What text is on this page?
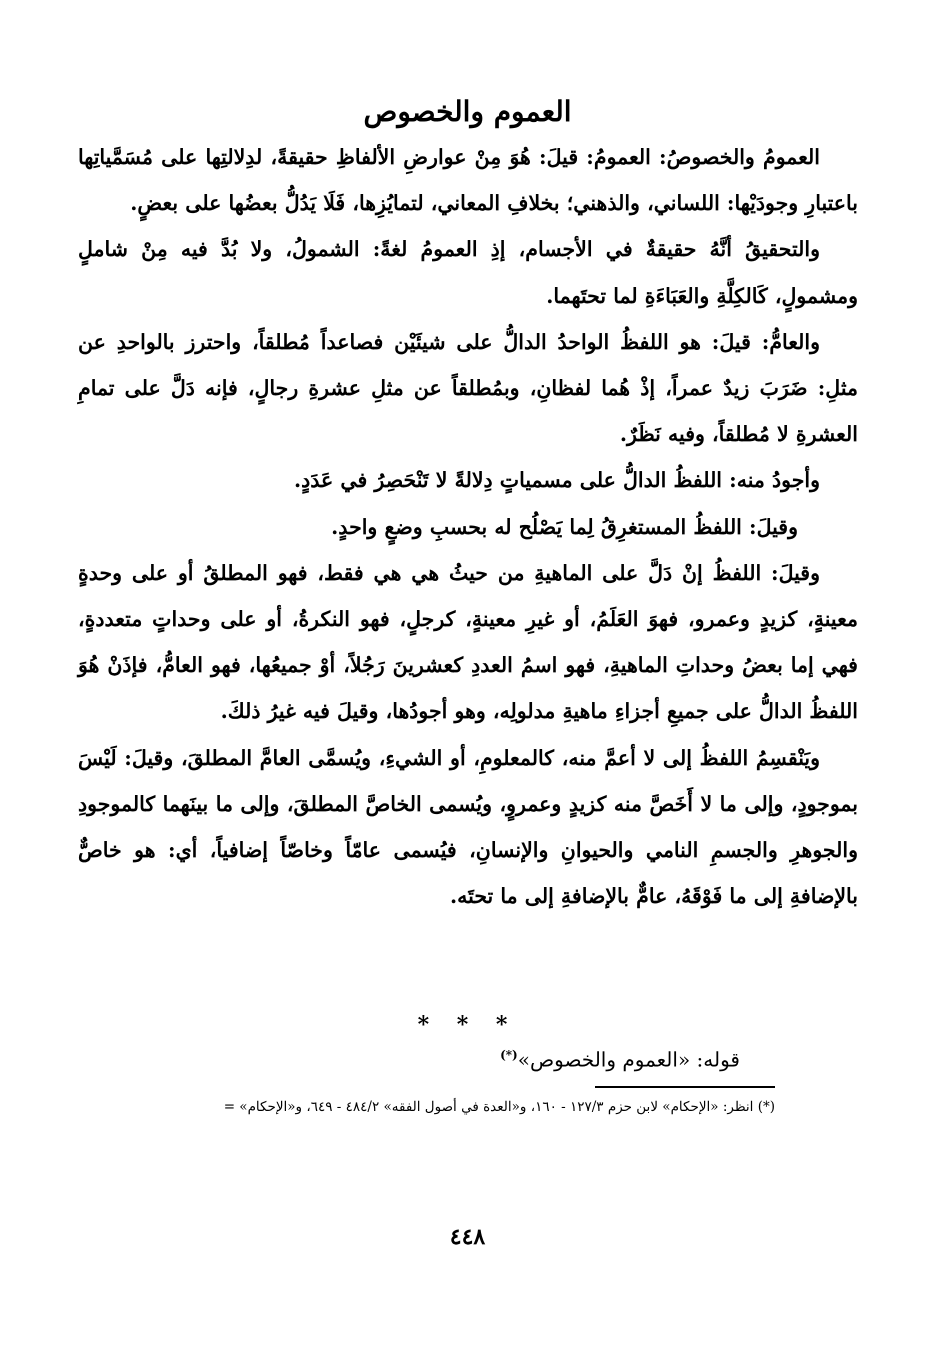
العموم والخصوص

العمومُ والخصوصُ: العمومُ: قيلَ: هُوَ مِنْ عوارضِ الألفاظِ حقيقةً، لدِلالتِها على مُسَمَّياتِها باعتبارِ وجودَيْها: اللساني، والذهني؛ بخلافِ المعاني، لتمايُزِها، فَلَا يَدُلُّ بعضُها على بعضٍ.

والتحقيقُ أنَّهُ حقيقةٌ في الأجسام، إذِ العمومُ لغةً: الشمولُ، ولا بُدَّ فيه مِنْ شاملٍ ومشمولٍ، كَالكِلَّةِ والعَبَاءَةِ لما تحتَهما.

والعامُّ: قيلَ: هو اللفظُ الواحدُ الدالُّ على شيئَيْن فصاعداً مُطلقاً، واحترز بالواحدِ عن مثلِ: ضَرَبَ زيدٌ عمراً، إذْ هُما لفظانِ، وبمُطلقاً عن مثلِ عشرةِ رجالٍ، فإنه دَلَّ على تمامِ العشرةِ لا مُطلقاً، وفيه نَظَرٌ.

وأجودُ منه: اللفظُ الدالُّ على مسمياتٍ دِلالةً لا تَنْحَصِرُ في عَدَدٍ.

وقيلَ: اللفظُ المستغرِقُ لِما يَصْلُح له بحسبِ وضعٍ واحدٍ.

وقيلَ: اللفظُ إنْ دَلَّ على الماهيةِ من حيثُ هي هي فقط، فهو المطلقُ أو على وحدةٍ معينةٍ، كزيدٍ وعمرو، فهوَ العَلَمُ، أو غيرِ معينةٍ، كرجلٍ، فهو النكرةُ، أو على وحداتٍ متعددةٍ، فهي إما بعضُ وحداتِ الماهيةِ، فهو اسمُ العددِ كعشرينَ رَجُلاً، أوْ جميعُها، فهو العامُّ، فإذَنْ هُوَ اللفظُ الدالُّ على جميعِ أجزاءِ ماهيةِ مدلولِه، وهو أجودُها، وقيلَ فيه غيرُ ذلكَ.

ويَنْقسِمُ اللفظُ إلى لا أعمَّ منه، كالمعلومِ، أو الشيءِ، ويُسمَّى العامَّ المطلقَ، وقيلَ: لَيْسَ بموجودٍ، وإلى ما لا أَخَصَّ منه كزيدٍ وعمروٍ، ويُسمى الخاصَّ المطلقَ، وإلى ما بينَهما كالموجودِ والجوهرِ والجسمِ النامي والحيوانِ والإنسانِ، فيُسمى عامّاً وخاصّاً إضافياً، أي: هو خاصٌّ بالإضافةِ إلى ما فَوْقَهُ، عامٌّ بالإضافةِ إلى ما تحتَه.

* * *
قوله: «العموم والخصوص»(*)
(*) انظر: «الإحكام» لابن حزم ١٢٧/٣ - ١٦٠، و«العدة في أصول الفقه» ٤٨٤/٢ - ٦٤٩، و«الإحكام» =
٤٤٨
